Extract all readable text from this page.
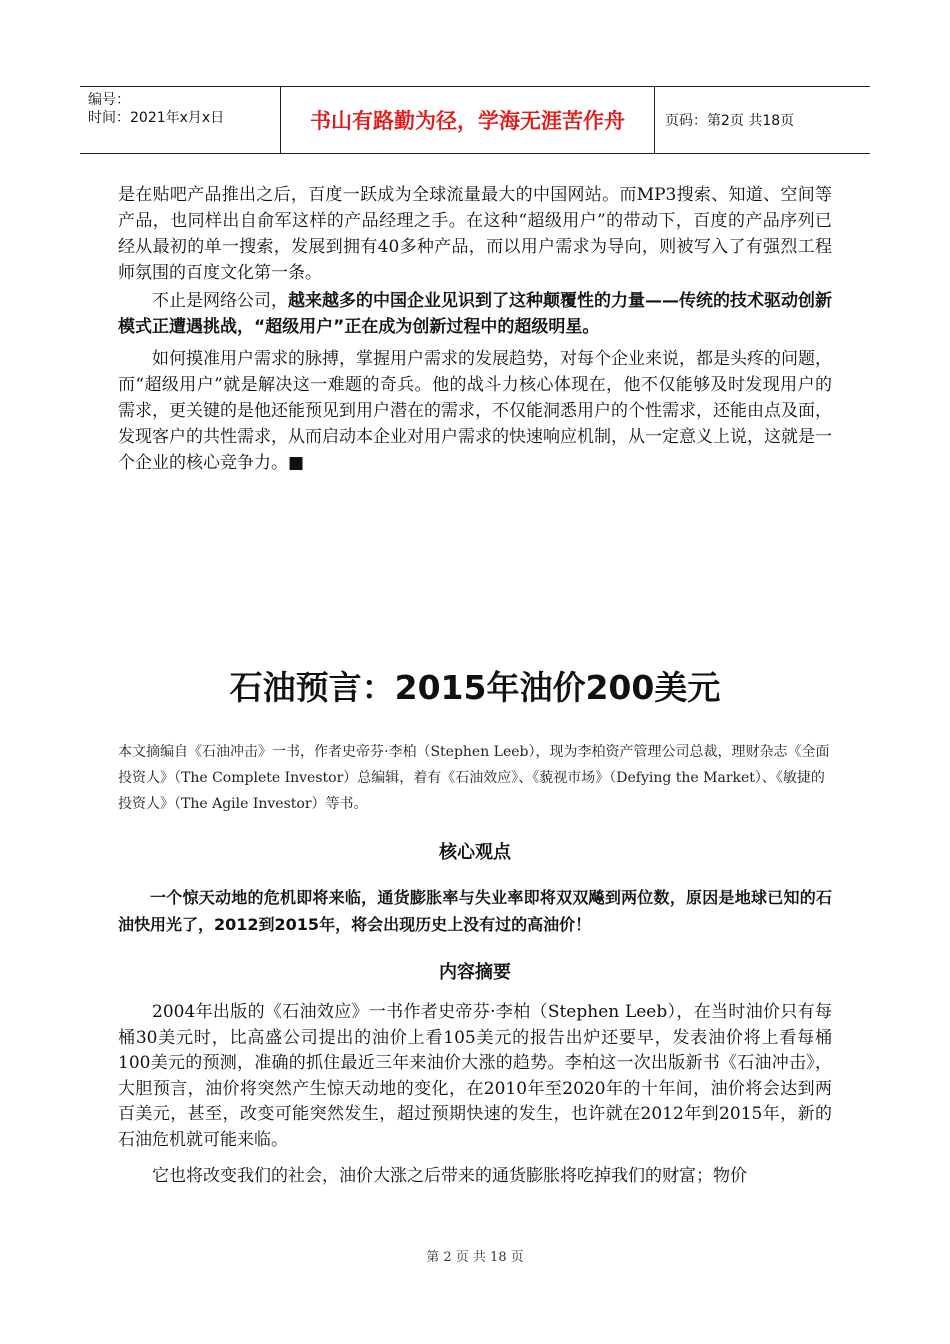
编号：
时间：2021年x月x日	书山有路勤为径，学海无涯苦作舟	页码：第2页 共18页

是在贴吧产品推出之后，百度一跃成为全球流量最大的中国网站。而MP3搜索、知道、空间等产品，也同样出自俞军这样的产品经理之手。在这种“超级用户”的带动下，百度的产品序列已经从最初的单一搜索，发展到拥有40多种产品，而以用户需求为导向，则被写入了有强烈工程师氛围的百度文化第一条。

不止是网络公司，越来越多的中国企业见识到了这种颠覆性的力量——传统的技术驱动创新模式正遭遇挑战，“超级用户”正在成为创新过程中的超级明星。

如何摸准用户需求的脉搏，掌握用户需求的发展趋势，对每个企业来说，都是头疼的问题，而“超级用户”就是解决这一难题的奇兵。他的战斗力核心体现在，他不仅能够及时发现用户的需求，更关键的是他还能预见到用户潜在的需求，不仅能洞悉用户的个性需求，还能由点及面，发现客户的共性需求，从而启动本企业对用户需求的快速响应机制，从一定意义上说，这就是一个企业的核心竞争力。■

石油预言：2015年油价200美元

本文摘编自《石油冲击》一书，作者史帝芬·李柏（Stephen Leeb），现为李柏资产管理公司总裁，理财杂志《全面投资人》（The Complete Investor）总编辑，着有《石油效应》、《藐视市场》（Defying the Market）、《敏捷的投资人》（The Agile Investor）等书。

核心观点

一个惊天动地的危机即将来临，通货膨胀率与失业率即将双双飚到两位数，原因是地球已知的石油快用光了，2012到2015年，将会出现历史上没有过的高油价！

内容摘要

2004年出版的《石油效应》一书作者史帝芬·李柏（Stephen Leeb），在当时油价只有每桶30美元时，比高盛公司提出的油价上看105美元的报告出炉还要早，发表油价将上看每桶100美元的预测，准确的抓住最近三年来油价大涨的趋势。李柏这一次出版新书《石油冲击》，大胆预言，油价将突然产生惊天动地的变化，在2010年至2020年的十年间，油价将会达到两百美元，甚至，改变可能突然发生，超过预期快速的发生，也许就在2012年到2015年，新的石油危机就可能来临。

它也将改变我们的社会，油价大涨之后带来的通货膨胀将吃掉我们的财富；物价

第 2 页 共 18 页
